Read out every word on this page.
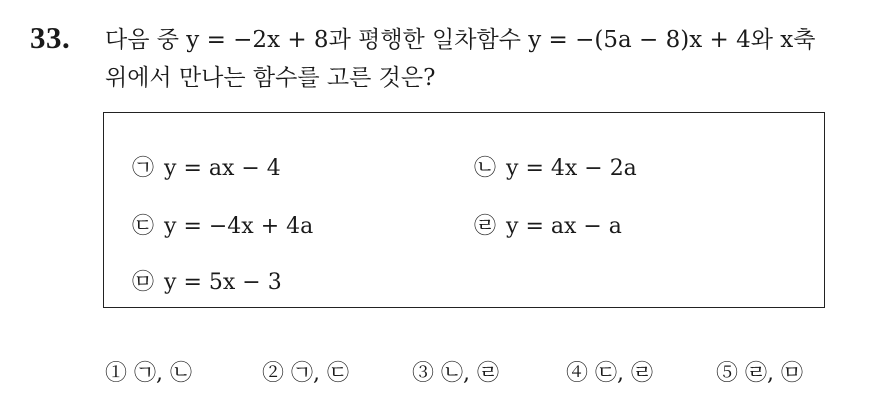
33. 다음 중 y = −2x + 8과 평행한 일차함수 y = −(5a − 8)x + 4와 x축
위에서 만나는 함수를 고른 것은?
㉠ y = ax − 4	㉡ y = 4x − 2a
㉢ y = −4x + 4a	㉣ y = ax − a
㉤ y = 5x − 3
① ㉠, ㉡	② ㉠, ㉢	③ ㉡, ㉣	④ ㉢, ㉣	⑤ ㉣, ㉤
